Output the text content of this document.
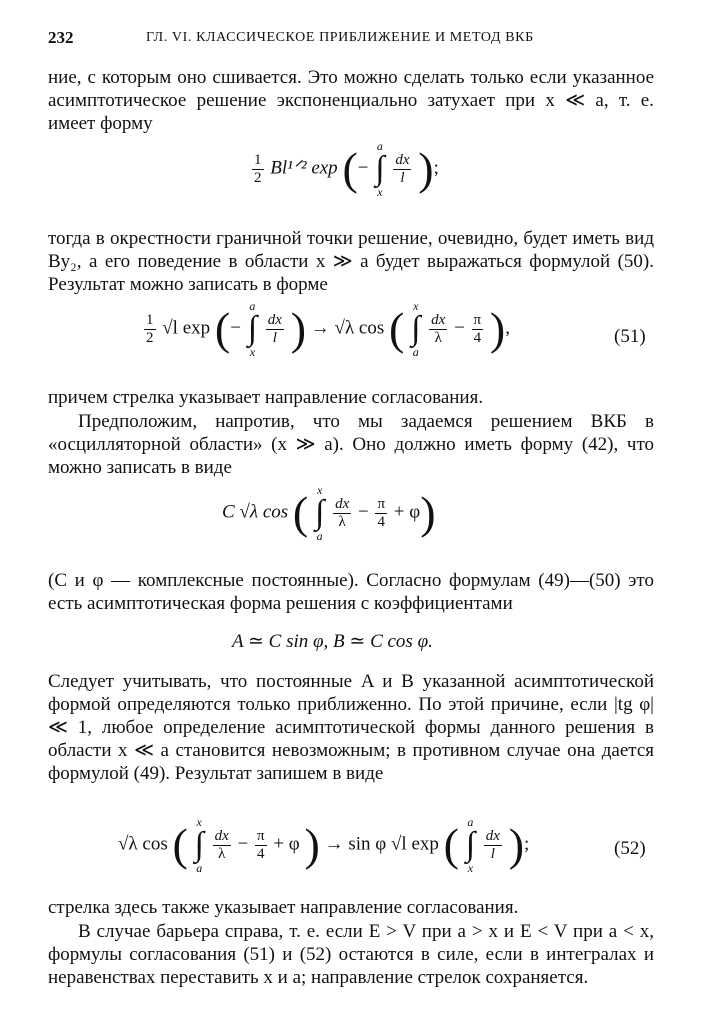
232	ГЛ. VI. КЛАССИЧЕСКОЕ ПРИБЛИЖЕНИЕ И МЕТОД ВКБ

ние, с которым оно сшивается. Это можно сделать только если указанное асимптотическое решение экспоненциально затухает при x ≪ a, т. е. имеет форму

$\frac{1}{2}$ Bl¹ᐟ² exp (−
a
∫
x

$\frac{dx}{l}$ );

тогда в окрестности граничной точки решение, очевидно, будет иметь вид By₂, а его поведение в области x ≫ a будет выражаться формулой (50). Результат можно записать в форме

$\frac{1}{2} √l$ exp (−
a
∫
x

$\frac{dx}{l}$ ) → √λ cos ( x
∫
a

$\frac{dx}{\lambda} - \frac{\pi}{4}$ ),	(51)

причем стрелка указывает направление согласования.

Предположим, напротив, что мы задаемся решением ВКБ в «осцилляторной области» (x ≫ a). Оно должно иметь форму (42), что можно записать в виде

C √λ cos ( x
∫
a

$\frac{dx}{\lambda} - \frac{\pi}{4} + \varphi$)

(C и φ — комплексные постоянные). Согласно формулам (49)—(50) это есть асимптотическая форма решения с коэффициентами

A ≃ C sin φ, B ≃ C cos φ.

Следует учитывать, что постоянные A и B указанной асимптотической формой определяются только приближенно. По этой причине, если |tg φ| ≪ 1, любое определение асимптотической формы данного решения в области x ≪ a становится невозможным; в противном случае она дается формулой (49). Результат запишем в виде

√λ cos ( x
∫
a

$\frac{dx}{\lambda} - \frac{\pi}{4} + \varphi$ ) → sin φ √l exp ( a
∫
x

$\frac{dx}{l}$ );	(52)

стрелка здесь также указывает направление согласования.

В случае барьера справа, т. е. если E > V при a > x и E < V при a < x, формулы согласования (51) и (52) остаются в силе, если в интегралах и неравенствах переставить x и a; направление стрелок сохраняется.
